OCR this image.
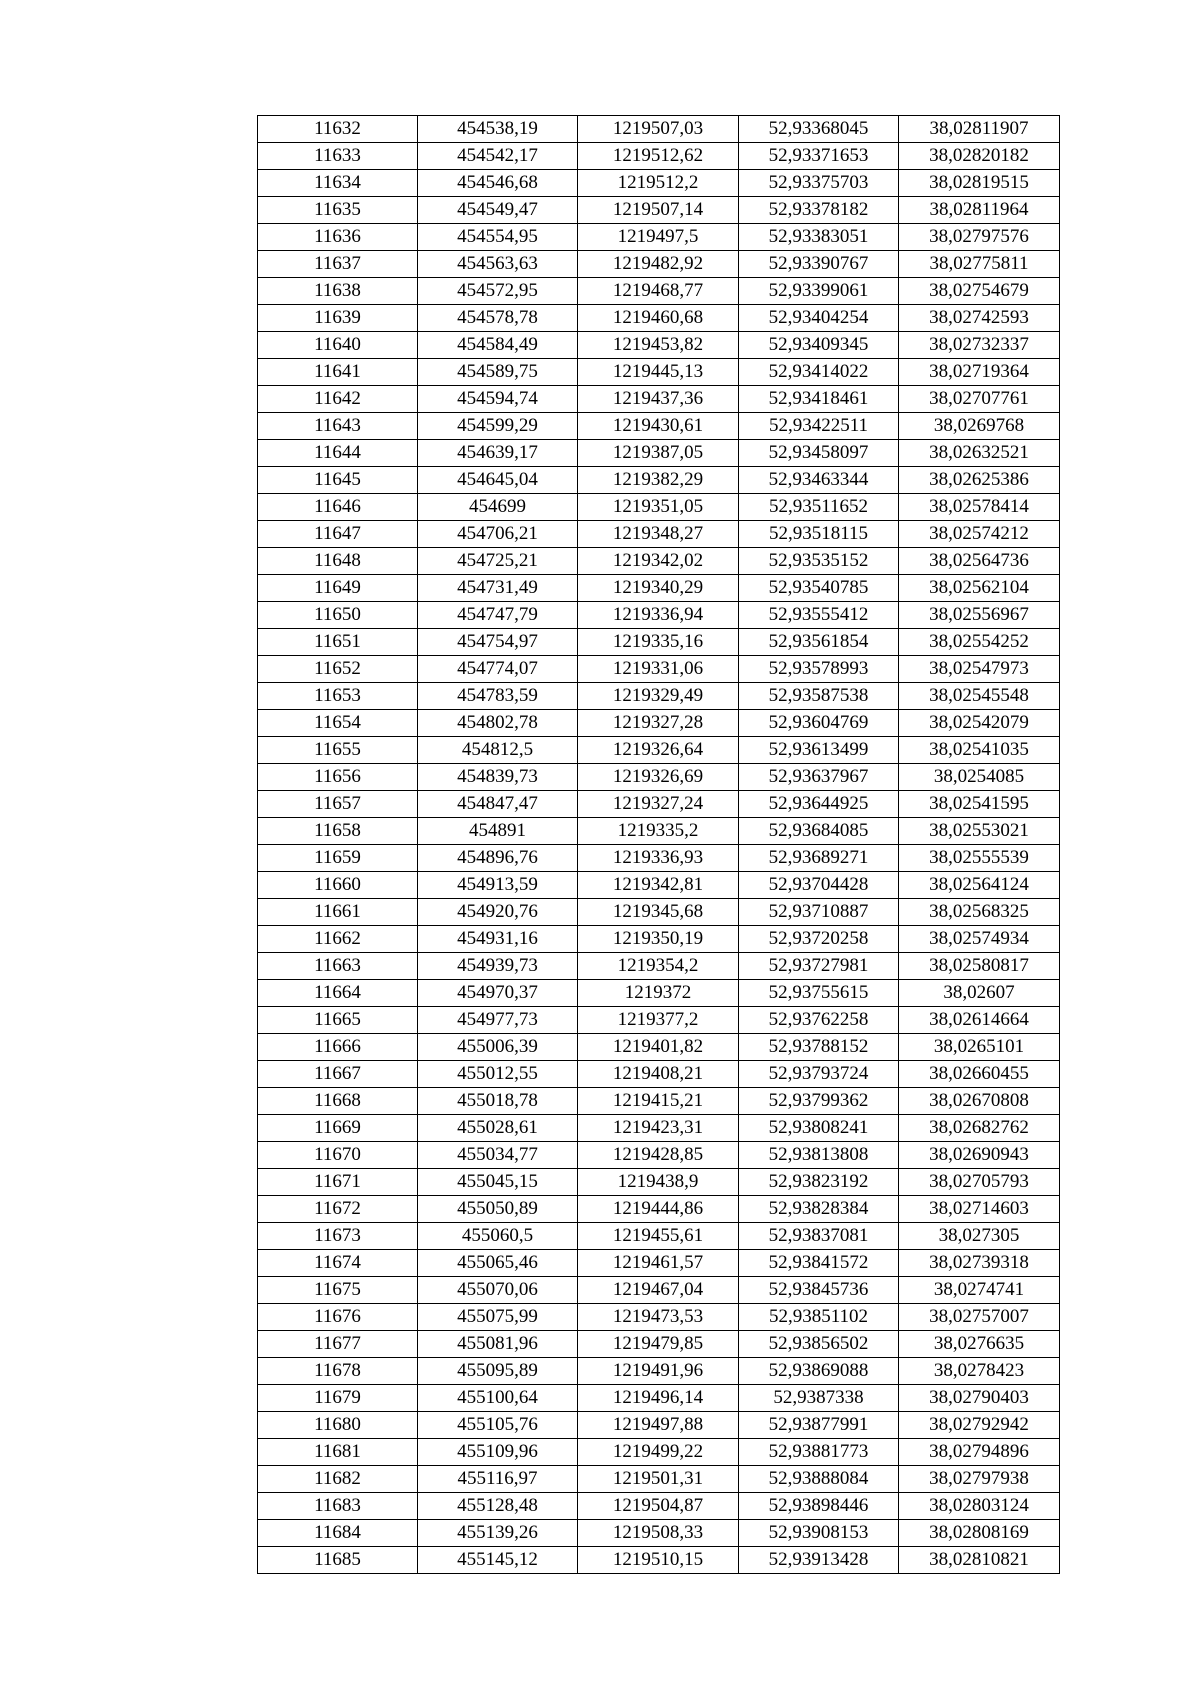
11632	454538,19	1219507,03	52,93368045	38,02811907
11633	454542,17	1219512,62	52,93371653	38,02820182
11634	454546,68	1219512,2	52,93375703	38,02819515
11635	454549,47	1219507,14	52,93378182	38,02811964
11636	454554,95	1219497,5	52,93383051	38,02797576
11637	454563,63	1219482,92	52,93390767	38,02775811
11638	454572,95	1219468,77	52,93399061	38,02754679
11639	454578,78	1219460,68	52,93404254	38,02742593
11640	454584,49	1219453,82	52,93409345	38,02732337
11641	454589,75	1219445,13	52,93414022	38,02719364
11642	454594,74	1219437,36	52,93418461	38,02707761
11643	454599,29	1219430,61	52,93422511	38,0269768
11644	454639,17	1219387,05	52,93458097	38,02632521
11645	454645,04	1219382,29	52,93463344	38,02625386
11646	454699	1219351,05	52,93511652	38,02578414
11647	454706,21	1219348,27	52,93518115	38,02574212
11648	454725,21	1219342,02	52,93535152	38,02564736
11649	454731,49	1219340,29	52,93540785	38,02562104
11650	454747,79	1219336,94	52,93555412	38,02556967
11651	454754,97	1219335,16	52,93561854	38,02554252
11652	454774,07	1219331,06	52,93578993	38,02547973
11653	454783,59	1219329,49	52,93587538	38,02545548
11654	454802,78	1219327,28	52,93604769	38,02542079
11655	454812,5	1219326,64	52,93613499	38,02541035
11656	454839,73	1219326,69	52,93637967	38,0254085
11657	454847,47	1219327,24	52,93644925	38,02541595
11658	454891	1219335,2	52,93684085	38,02553021
11659	454896,76	1219336,93	52,93689271	38,02555539
11660	454913,59	1219342,81	52,93704428	38,02564124
11661	454920,76	1219345,68	52,93710887	38,02568325
11662	454931,16	1219350,19	52,93720258	38,02574934
11663	454939,73	1219354,2	52,93727981	38,02580817
11664	454970,37	1219372	52,93755615	38,02607
11665	454977,73	1219377,2	52,93762258	38,02614664
11666	455006,39	1219401,82	52,93788152	38,0265101
11667	455012,55	1219408,21	52,93793724	38,02660455
11668	455018,78	1219415,21	52,93799362	38,02670808
11669	455028,61	1219423,31	52,93808241	38,02682762
11670	455034,77	1219428,85	52,93813808	38,02690943
11671	455045,15	1219438,9	52,93823192	38,02705793
11672	455050,89	1219444,86	52,93828384	38,02714603
11673	455060,5	1219455,61	52,93837081	38,027305
11674	455065,46	1219461,57	52,93841572	38,02739318
11675	455070,06	1219467,04	52,93845736	38,0274741
11676	455075,99	1219473,53	52,93851102	38,02757007
11677	455081,96	1219479,85	52,93856502	38,0276635
11678	455095,89	1219491,96	52,93869088	38,0278423
11679	455100,64	1219496,14	52,9387338	38,02790403
11680	455105,76	1219497,88	52,93877991	38,02792942
11681	455109,96	1219499,22	52,93881773	38,02794896
11682	455116,97	1219501,31	52,93888084	38,02797938
11683	455128,48	1219504,87	52,93898446	38,02803124
11684	455139,26	1219508,33	52,93908153	38,02808169
11685	455145,12	1219510,15	52,93913428	38,02810821
